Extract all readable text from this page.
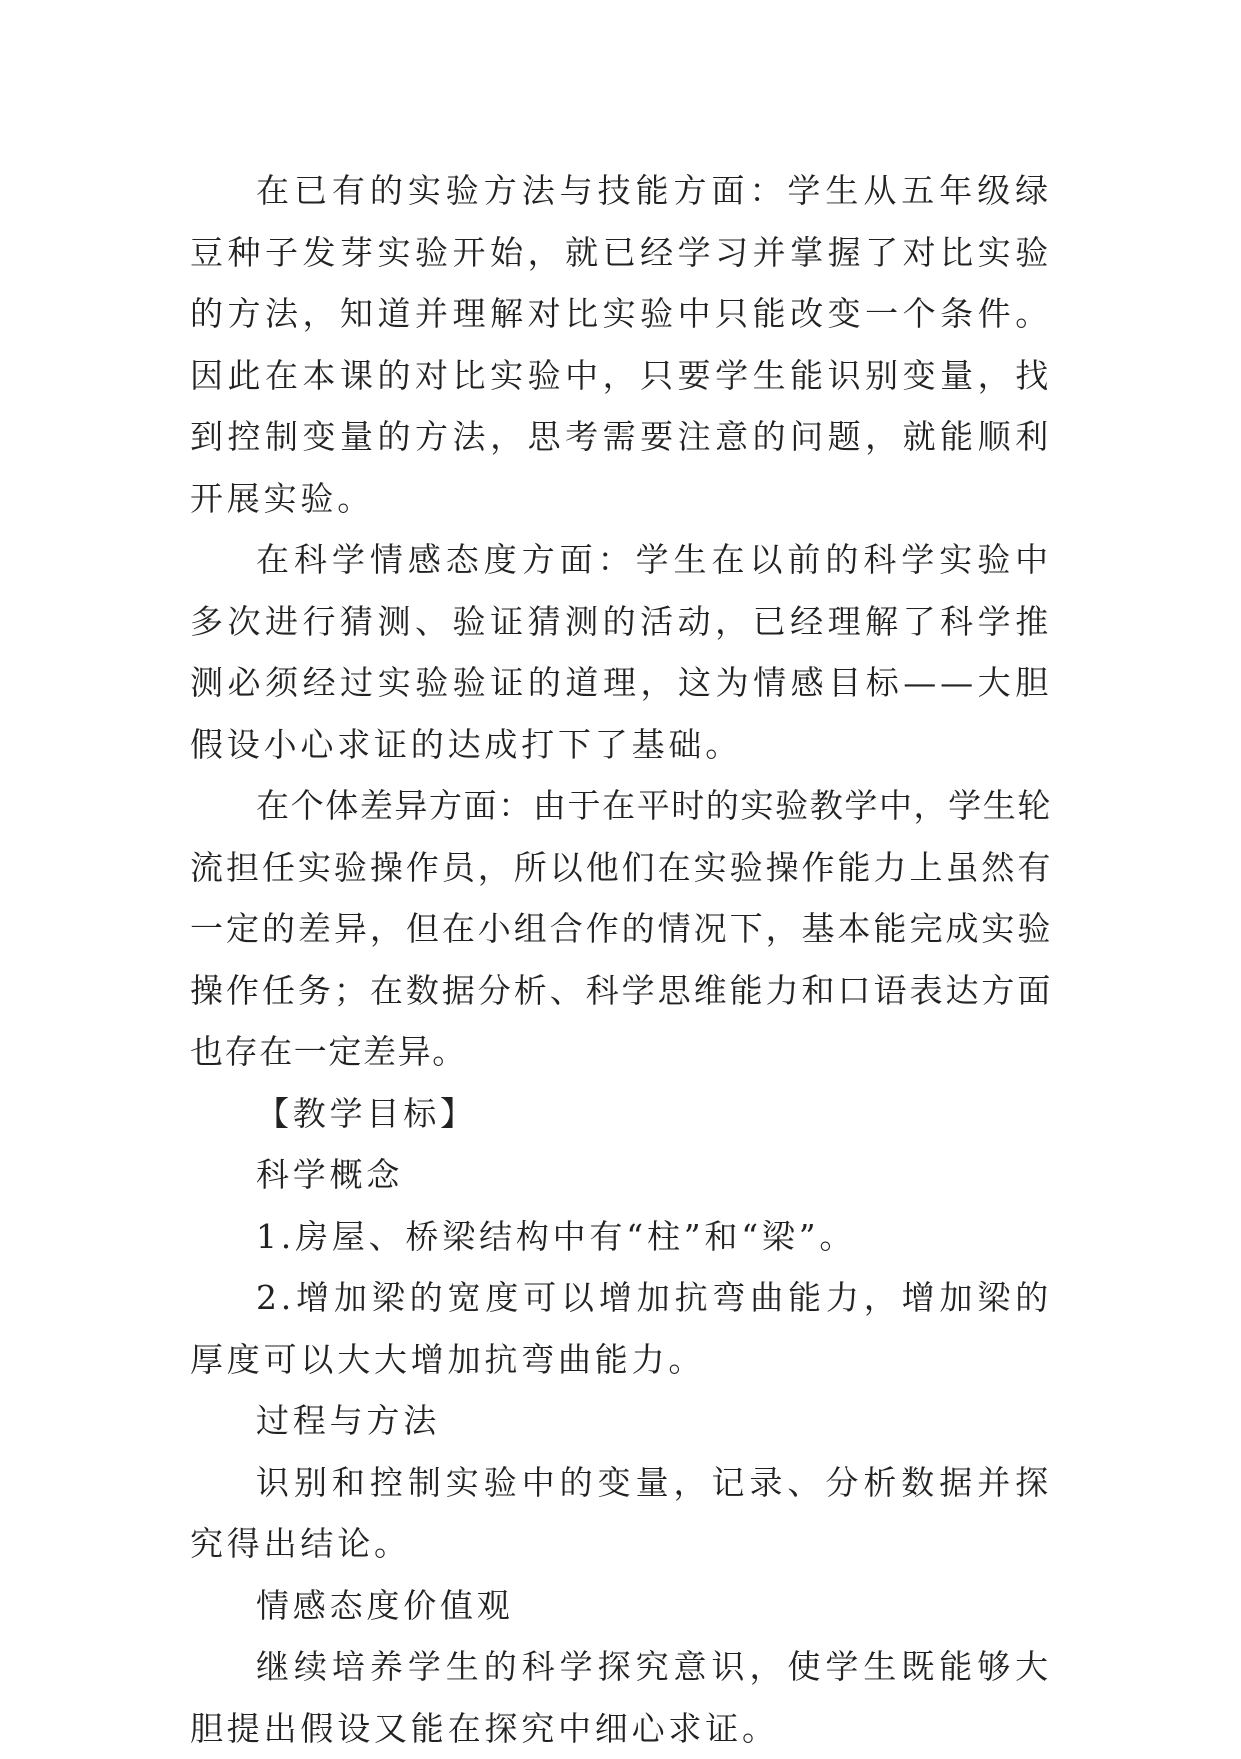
在已有的实验方法与技能方面：学生从五年级绿豆种子发芽实验开始，就已经学习并掌握了对比实验的方法，知道并理解对比实验中只能改变一个条件。因此在本课的对比实验中，只要学生能识别变量，找到控制变量的方法，思考需要注意的问题，就能顺利开展实验。

在科学情感态度方面：学生在以前的科学实验中多次进行猜测、验证猜测的活动，已经理解了科学推测必须经过实验验证的道理，这为情感目标——大胆假设小心求证的达成打下了基础。

在个体差异方面：由于在平时的实验教学中，学生轮流担任实验操作员，所以他们在实验操作能力上虽然有一定的差异，但在小组合作的情况下，基本能完成实验操作任务；在数据分析、科学思维能力和口语表达方面也存在一定差异。

【教学目标】

科学概念

1.房屋、桥梁结构中有“柱”和“梁”。

2.增加梁的宽度可以增加抗弯曲能力，增加梁的厚度可以大大增加抗弯曲能力。

过程与方法

识别和控制实验中的变量，记录、分析数据并探究得出结论。

情感态度价值观

继续培养学生的科学探究意识，使学生既能够大胆提出假设又能在探究中细心求证。
